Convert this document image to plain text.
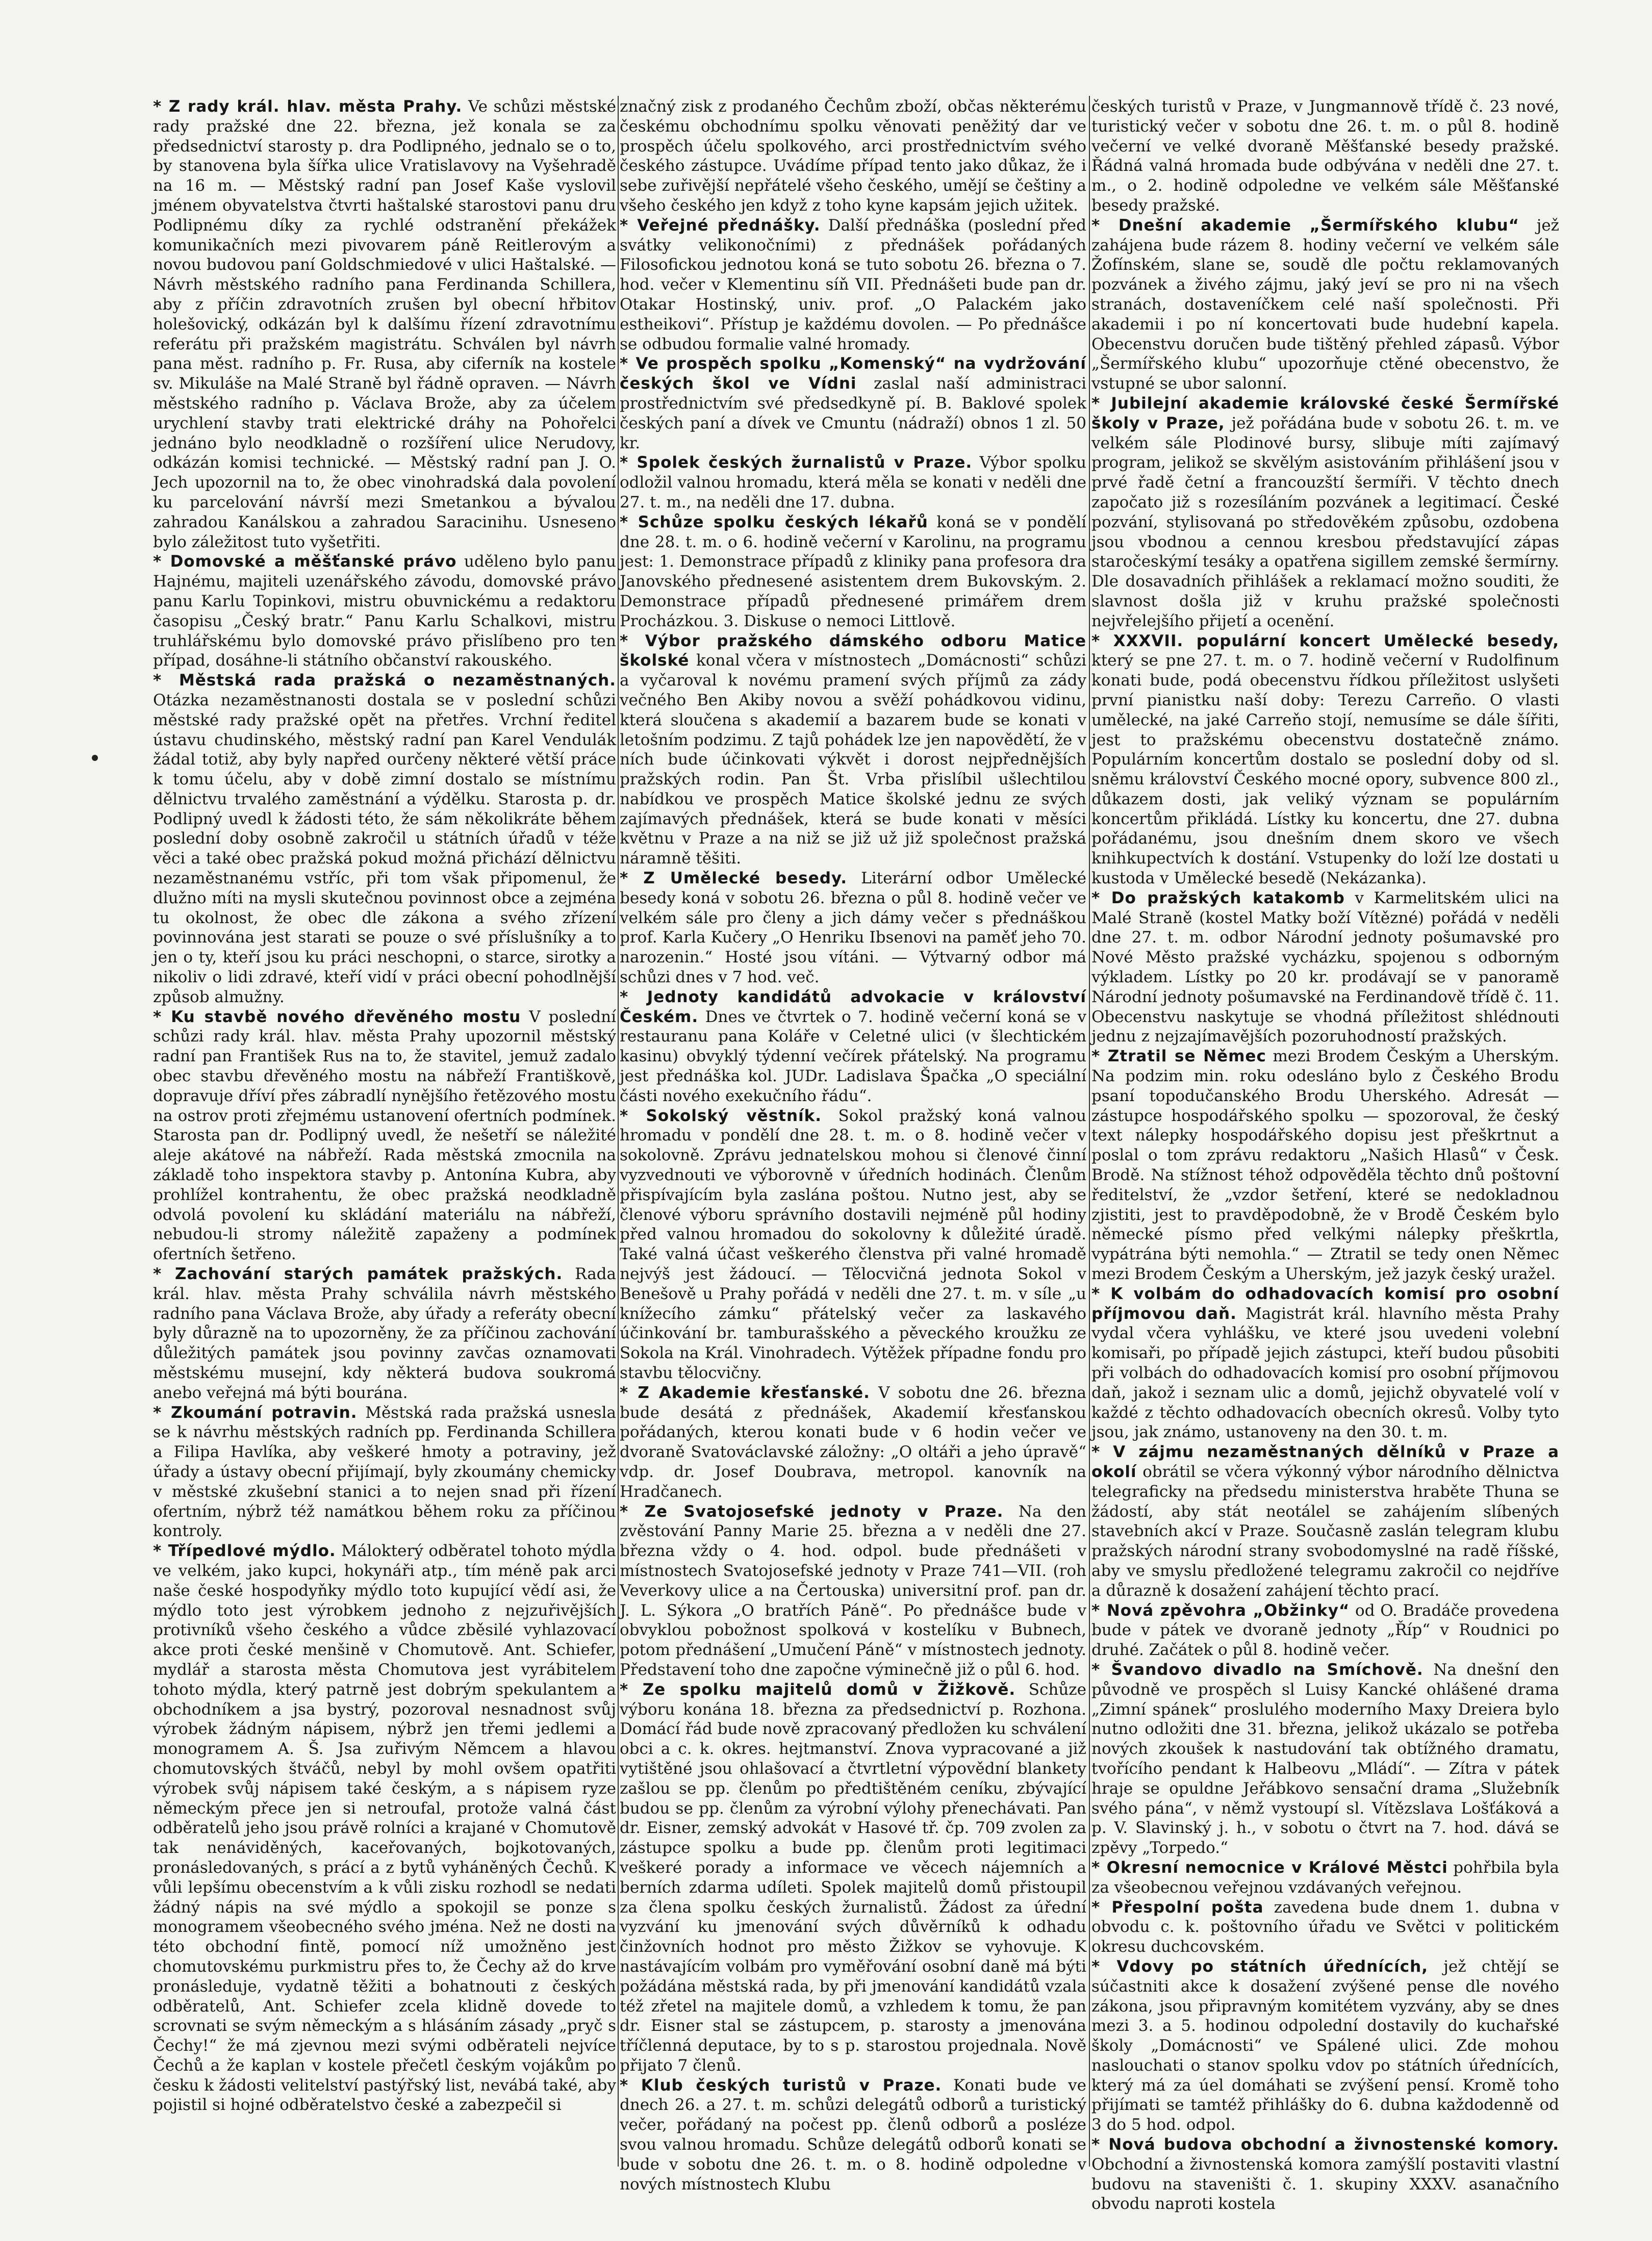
* Z rady král. hlav. města Prahy. Ve schůzi městské rady pražské dne 22. března, jež konala se za předsednictví starosty p. dra Podlipného, jednalo se o to, by stanovena byla šířka ulice Vratislavovy na Vyšehradě na 16 m. — Městský radní pan Josef Kaše vyslovil jménem obyvatelstva čtvrti haštalské starostovi panu dru Podlipnému díky za rychlé odstranění překážek komunikačních mezi pivovarem páně Reitlerovým a novou budovou paní Goldschmiedové v ulici Haštalské. — Návrh městského radního pana Ferdinanda Schillera, aby z příčin zdravotních zrušen byl obecní hřbitov holešovický, odkázán byl k dalšímu řízení zdravotnímu referátu při pražském magistrátu. Schválen byl návrh pana měst. radního p. Fr. Rusa, aby ciferník na kostele sv. Mikuláše na Malé Straně byl řádně opraven. — Návrh městského radního p. Václava Brože, aby za účelem urychlení stavby trati elektrické dráhy na Pohořelci jednáno bylo neodkladně o rozšíření ulice Nerudovy, odkázán komisi technické. — Městský radní pan J. O. Jech upozornil na to, že obec vinohradská dala povolení ku parcelování návrší mezi Smetankou a bývalou zahradou Kanálskou a zahradou Saracinihu. Usneseno bylo záležitost tuto vyšetřiti.

* Domovské a měšťanské právo uděleno bylo panu Hajnému, majiteli uzenářského závodu, domovské právo panu Karlu Topinkovi, mistru obuvnickému a redaktoru časopisu „Český bratr.“ Panu Karlu Schalkovi, mistru truhlářskému bylo domovské právo přislíbeno pro ten případ, dosáhne-li státního občanství rakouského.

* Městská rada pražská o nezaměstnaných. Otázka nezaměstnanosti dostala se v poslední schůzi městské rady pražské opět na přetřes. Vrchní ředitel ústavu chudinského, městský radní pan Karel Vendulák žádal totiž, aby byly napřed ourčeny některé větší práce k tomu účelu, aby v době zimní dostalo se místnímu dělnictvu trvalého zaměstnání a výdělku. Starosta p. dr. Podlipný uvedl k žádosti této, že sám několikráte během poslední doby osobně zakročil u státních úřadů v téže věci a také obec pražská pokud možná přichází dělnictvu nezaměstnanému vstříc, při tom však připomenul, že dlužno míti na mysli skutečnou povinnost obce a zejména tu okolnost, že obec dle zákona a svého zřízení povinnována jest starati se pouze o své příslušníky a to jen o ty, kteří jsou ku práci neschopni, o starce, sirotky a nikoliv o lidi zdravé, kteří vidí v práci obecní pohodlnější způsob almužny.

* Ku stavbě nového dřevěného mostu V poslední schůzi rady král. hlav. města Prahy upozornil městský radní pan František Rus na to, že stavitel, jemuž zadalo obec stavbu dřevěného mostu na nábřeží Františkově, dopravuje dříví přes zábradlí nynějšího řetězového mostu na ostrov proti zřejmému ustanovení ofertních podmínek. Starosta pan dr. Podlipný uvedl, že nešetří se náležité aleje akátové na nábřeží. Rada městská zmocnila na základě toho inspektora stavby p. Antonína Kubra, aby prohlížel kontrahentu, že obec pražská neodkladně odvolá povolení ku skládání materiálu na nábřeží, nebudou-li stromy náležitě zapaženy a podmínek ofertních šetřeno.

* Zachování starých památek pražských. Rada král. hlav. města Prahy schválila návrh městského radního pana Václava Brože, aby úřady a referáty obecní byly důrazně na to upozorněny, že za příčinou zachování důležitých památek jsou povinny zavčas oznamovati městskému musejní, kdy některá budova soukromá anebo veřejná má býti bourána.

* Zkoumání potravin. Městská rada pražská usnesla se k návrhu městských radních pp. Ferdinanda Schillera a Filipa Havlíka, aby veškeré hmoty a potraviny, jež úřady a ústavy obecní přijímají, byly zkoumány chemicky v městské zkušební stanici a to nejen snad při řízení ofertním, nýbrž též namátkou během roku za příčinou kontroly.

* Třípedlové mýdlo. Málokterý odběratel tohoto mýdla ve velkém, jako kupci, hokynáři atp., tím méně pak arci naše české hospodyňky mýdlo toto kupující vědí asi, že mýdlo toto jest výrobkem jednoho z nejzuřivějších protivníků všeho českého a vůdce zběsilé vyhlazovací akce proti české menšině v Chomutově. Ant. Schiefer, mydlář a starosta města Chomutova jest vyrábitelem tohoto mýdla, který patrně jest dobrým spekulantem a obchodníkem a jsa bystrý, pozoroval nesnadnost svůj výrobek žádným nápisem, nýbrž jen třemi jedlemi a monogramem A. Š. Jsa zuřivým Němcem a hlavou chomutovských štváčů, nebyl by mohl ovšem opatřiti výrobek svůj nápisem také českým, a s nápisem ryze německým přece jen si netroufal, protože valná část odběratelů jeho jsou právě rolníci a krajané v Chomutově tak nenáviděných, kaceřovaných, bojkotovaných, pronásledovaných, s prácí a z bytů vyháněných Čechů. K vůli lepšímu obecenstvím a k vůli zisku rozhodl se nedati žádný nápis na své mýdlo a spokojil se ponze s monogramem všeobecného svého jména. Než ne dosti na této obchodní fintě, pomocí níž umožněno jest chomutovskému purkmistru přes to, že Čechy až do krve pronásleduje, vydatně těžiti a bohatnouti z českých odběratelů, Ant. Schiefer zcela klidně dovede to scrovnati se svým německým a s hlásáním zásady „pryč s Čechy!“ že má zjevnou mezi svými odběrateli nejvíce Čechů a že kaplan v kostele přečetl českým vojákům po česku k žádosti velitelství pastýřský list, nevábá také, aby pojistil si hojné odběratelstvo české a zabezpečil si

značný zisk z prodaného Čechům zboží, občas některému českému obchodnímu spolku věnovati peněžitý dar ve prospěch účelu spolkového, arci prostřednictvím svého českého zástupce. Uvádíme případ tento jako důkaz, že i sebe zuřivější nepřátelé všeho českého, umějí se češtiny a všeho českého jen když z toho kyne kapsám jejich užitek.

* Veřejné přednášky. Další přednáška (poslední před svátky velikonočními) z přednášek pořádaných Filosofickou jednotou koná se tuto sobotu 26. března o 7. hod. večer v Klementinu síň VII. Přednášeti bude pan dr. Otakar Hostinský, univ. prof. „O Palackém jako estheikovi“. Přístup je každému dovolen. — Po přednášce se odbudou formalie valné hromady.

* Ve prospěch spolku „Komenský“ na vydržování českých škol ve Vídni zaslal naší administraci prostřednictvím své předsedkyně pí. B. Baklové spolek českých paní a dívek ve Cmuntu (nádraží) obnos 1 zl. 50 kr.

* Spolek českých žurnalistů v Praze. Výbor spolku odložil valnou hromadu, která měla se konati v neděli dne 27. t. m., na neděli dne 17. dubna.

* Schůze spolku českých lékařů koná se v pondělí dne 28. t. m. o 6. hodině večerní v Karolinu, na programu jest: 1. Demonstrace případů z kliniky pana profesora dra Janovského přednesené asistentem drem Bukovským. 2. Demonstrace případů přednesené primářem drem Procházkou. 3. Diskuse o nemoci Littlově.

* Výbor pražského dámského odboru Matice školské konal včera v místnostech „Domácnosti“ schůzi a vyčaroval k novému pramení svých příjmů za zády večného Ben Akiby novou a svěží pohádkovou vidinu, která sloučena s akademií a bazarem bude se konati v letošním podzimu. Z tajů pohádek lze jen napovědětí, že v ních bude účinkovati výkvět i dorost nejpřednějších pražských rodin. Pan Št. Vrba přislíbil ušlechtilou nabídkou ve prospěch Matice školské jednu ze svých zajímavých přednášek, která se bude konati v měsíci květnu v Praze a na niž se již už již společnost pražská náramně těšiti.

* Z Umělecké besedy. Literární odbor Umělecké besedy koná v sobotu 26. března o půl 8. hodině večer ve velkém sále pro členy a jich dámy večer s přednáškou prof. Karla Kučery „O Henriku Ibsenovi na paměť jeho 70. narozenin.“ Hosté jsou vítáni. — Výtvarný odbor má schůzi dnes v 7 hod. več.

* Jednoty kandidátů advokacie v království Českém. Dnes ve čtvrtek o 7. hodině večerní koná se v restauranu pana Koláře v Celetné ulici (v šlechtickém kasinu) obvyklý týdenní večírek přátelský. Na programu jest přednáška kol. JUDr. Ladislava Špačka „O speciální části nového exekučního řádu“.

* Sokolský věstník. Sokol pražský koná valnou hromadu v pondělí dne 28. t. m. o 8. hodině večer v sokolovně. Zprávu jednatelskou mohou si členové činní vyzvednouti ve výborovně v úředních hodinách. Členům přispívajícím byla zaslána poštou. Nutno jest, aby se členové výboru správního dostavili nejméně půl hodiny před valnou hromadou do sokolovny k důležité úradě. Také valná účast veškerého členstva při valné hromadě nejvýš jest žádoucí. — Tělocvičná jednota Sokol v Benešově u Prahy pořádá v neděli dne 27. t. m. v síle „u knížecího zámku“ přátelský večer za laskavého účinkování br. tamburašského a pěveckého kroužku ze Sokola na Král. Vinohradech. Výtěžek případne fondu pro stavbu tělocvičny.

* Z Akademie křesťanské. V sobotu dne 26. března bude desátá z přednášek, Akademií křesťanskou pořádaných, kterou konati bude v 6 hodin večer ve dvoraně Svatováclavské záložny: „O oltáři a jeho úpravě“ vdp. dr. Josef Doubrava, metropol. kanovník na Hradčanech.

* Ze Svatojosefské jednoty v Praze. Na den zvěstování Panny Marie 25. března a v neděli dne 27. března vždy o 4. hod. odpol. bude přednášeti v místnostech Svatojosefské jednoty v Praze 741—VII. (roh Veverkovy ulice a na Čertouska) universitní prof. pan dr. J. L. Sýkora „O bratřích Páně“. Po přednášce bude v obvyklou pobožnost spolková v kostelíku v Bubnech, potom přednášení „Umučení Páně“ v místnostech jednoty. Představení toho dne započne výminečně již o půl 6. hod.

* Ze spolku majitelů domů v Žižkově. Schůze výboru konána 18. března za předsednictví p. Rozhona. Domácí řád bude nově zpracovaný předložen ku schválení obci a c. k. okres. hejtmanství. Znova vypracované a již vytištěné jsou ohlašovací a čtvrtletní výpovědní blankety zašlou se pp. členům po předtištěném ceníku, zbývající budou se pp. členům za výrobní výlohy přenechávati. Pan dr. Eisner, zemský advokát v Hasové tř. čp. 709 zvolen za zástupce spolku a bude pp. členům proti legitimaci veškeré porady a informace ve věcech nájemních a berních zdarma udíleti. Spolek majitelů domů přistoupil za člena spolku českých žurnalistů. Žádost za úřední vyzvání ku jmenování svých důvěrníků k odhadu činžovních hodnot pro město Žižkov se vyhovuje. K nastávajícím volbám pro vyměřování osobní daně má býti požádána městská rada, by při jmenování kandidátů vzala též zřetel na majitele domů, a vzhledem k tomu, že pan dr. Eisner stal se zástupcem, p. starosty a jmenována tříčlenná deputace, by to s p. starostou projednala. Nově přijato 7 členů.

* Klub českých turistů v Praze. Konati bude ve dnech 26. a 27. t. m. schůzi delegátů odborů a turistický večer, pořádaný na počest pp. členů odborů a posléze svou valnou hromadu. Schůze delegátů odborů konati se bude v sobotu dne 26. t. m. o 8. hodině odpoledne v nových místnostech Klubu

českých turistů v Praze, v Jungmannově třídě č. 23 nové, turistický večer v sobotu dne 26. t. m. o půl 8. hodině večerní ve velké dvoraně Měšťanské besedy pražské. Řádná valná hromada bude odbývána v neděli dne 27. t. m., o 2. hodině odpoledne ve velkém sále Měšťanské besedy pražské.

* Dnešní akademie „Šermířského klubu“ jež zahájena bude rázem 8. hodiny večerní ve velkém sále Žofínském, slane se, soudě dle počtu reklamovaných pozvánek a živého zájmu, jaký jeví se pro ni na všech stranách, dostaveníčkem celé naší společnosti. Při akademii i po ní koncertovati bude hudební kapela. Obecenstvu doručen bude tištěný přehled zápasů. Výbor „Šermířského klubu“ upozorňuje ctěné obecenstvo, že vstupné se ubor salonní.

* Jubilejní akademie královské české Šermířské školy v Praze, jež pořádána bude v sobotu 26. t. m. ve velkém sále Plodinové bursy, slibuje míti zajímavý program, jelikož se skvělým asistováním přihlášení jsou v prvé řadě četní a francouzští šermíři. V těchto dnech započato již s rozesíláním pozvánek a legitimací. České pozvání, stylisovaná po středověkém způsobu, ozdobena jsou vbodnou a cennou kresbou představující zápas staročeskýmí tesáky a opatřena sigillem zemské šermírny. Dle dosavadních přihlášek a reklamací možno souditi, že slavnost došla již v kruhu pražské společnosti nejvřelejšího přijetí a ocenění.

* XXXVII. populární koncert Umělecké besedy, který se pne 27. t. m. o 7. hodině večerní v Rudolfinum konati bude, podá obecenstvu řídkou příležitost uslyšeti první pianistku naší doby: Terezu Carreño. O vlasti umělecké, na jaké Carreňo stojí, nemusíme se dále šířiti, jest to pražskému obecenstvu dostatečně známo. Populárním koncertům dostalo se poslední doby od sl. sněmu království Českého mocné opory, subvence 800 zl., důkazem dosti, jak veliký význam se populárním koncertům přikládá. Lístky ku koncertu, dne 27. dubna pořádanému, jsou dnešním dnem skoro ve všech knihkupectvích k dostání. Vstupenky do loží lze dostati u kustoda v Umělecké besedě (Nekázanka).

* Do pražských katakomb v Karmelitském ulici na Malé Straně (kostel Matky boží Vítězné) pořádá v neděli dne 27. t. m. odbor Národní jednoty pošumavské pro Nové Město pražské vycházku, spojenou s odborným výkladem. Lístky po 20 kr. prodávají se v panoramě Národní jednoty pošumavské na Ferdinandově třídě č. 11. Obecenstvu naskytuje se vhodná příležitost shlédnouti jednu z nejzajímavějších pozoruhodností pražských.

* Ztratil se Němec mezi Brodem Českým a Uherským. Na podzim min. roku odesláno bylo z Českého Brodu psaní topodučanského Brodu Uherského. Adresát — zástupce hospodářského spolku — spozoroval, že český text nálepky hospodářského dopisu jest přeškrtnut a poslal o tom zprávu redaktoru „Našich Hlasů“ v Česk. Brodě. Na stížnost téhož odpověděla těchto dnů poštovní ředitelství, že „vzdor šetření, které se nedokladnou zjistiti, jest to pravděpodobně, že v Brodě Českém bylo německé písmo před velkými nálepky přeškrtla, vypátrána býti nemohla.“ — Ztratil se tedy onen Němec mezi Brodem Českým a Uherským, jež jazyk český uražel.

* K volbám do odhadovacích komisí pro osobní příjmovou daň. Magistrát král. hlavního města Prahy vydal včera vyhlášku, ve které jsou uvedeni volební komisaři, po případě jejich zástupci, kteří budou působiti při volbách do odhadovacích komisí pro osobní příjmovou daň, jakož i seznam ulic a domů, jejichž obyvatelé volí v každé z těchto odhadovacích obecních okresů. Volby tyto jsou, jak známo, ustanoveny na den 30. t. m.

* V zájmu nezaměstnaných dělníků v Praze a okolí obrátil se včera výkonný výbor národního dělnictva telegraficky na předsedu ministerstva hraběte Thuna se žádostí, aby stát neotálel se zahájením slíbených stavebních akcí v Praze. Současně zaslán telegram klubu pražských národní strany svobodomyslné na radě říšské, aby ve smyslu předložené telegramu zakročil co nejdříve a důrazně k dosažení zahájení těchto prací.

* Nová zpěvohra „Obžinky“ od O. Bradáče provedena bude v pátek ve dvoraně jednoty „Říp“ v Roudnici po druhé. Začátek o půl 8. hodině večer.

* Švandovo divadlo na Smíchově. Na dnešní den původně ve prospěch sl Luisy Kancké ohlášené drama „Zimní spánek“ proslulého moderního Maxy Dreiera bylo nutno odložiti dne 31. března, jelikož ukázalo se potřeba nových zkoušek k nastudování tak obtížného dramatu, tvořícího pendant k Halbeovu „Mládí“. — Zítra v pátek hraje se opuldne Jeřábkovo sensační drama „Služebník svého pána“, v němž vystoupí sl. Vítězslava Lošťáková a p. V. Slavinský j. h., v sobotu o čtvrt na 7. hod. dává se zpěvy „Torpedo.“

* Okresní nemocnice v Králové Městci pohřbila byla za všeobecnou veřejnou vzdávaných veřejnou.

* Přespolní pošta zavedena bude dnem 1. dubna v obvodu c. k. poštovního úřadu ve Světci v politickém okresu duchcovském.

* Vdovy po státních úřednících, jež chtějí se súčastniti akce k dosažení zvýšené pense dle nového zákona, jsou připravným komitétem vyzvány, aby se dnes mezi 3. a 5. hodinou odpolední dostavily do kuchařské školy „Domácnosti“ ve Spálené ulici. Zde mohou naslouchati o stanov spolku vdov po státních úřednících, který má za úel domáhati se zvýšení pensí. Kromě toho přijímati se tamtéž přihlášky do 6. dubna každodenně od 3 do 5 hod. odpol.

* Nová budova obchodní a živnostenské komory. Obchodní a živnostenská komora zamýšlí postaviti vlastní budovu na staveništi č. 1. skupiny XXXV. asanačního obvodu naproti kostela
